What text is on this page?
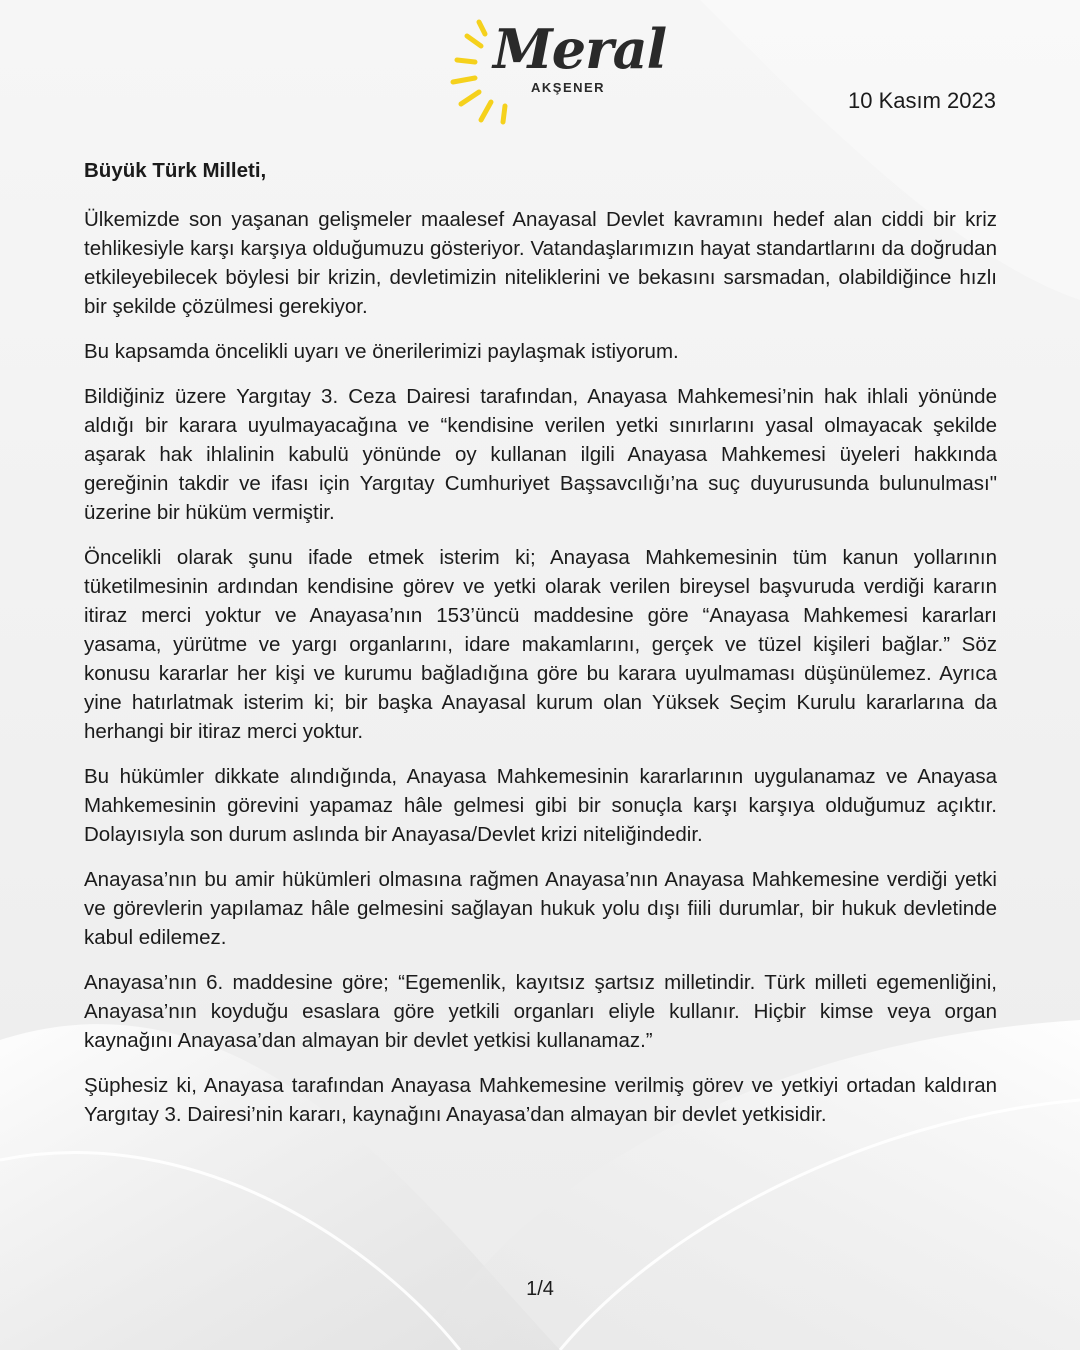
Meral
AKŞENER
10 Kasım 2023

Büyük Türk Milleti,

Ülkemizde son yaşanan gelişmeler maalesef Anayasal Devlet kavramını hedef alan ciddi bir kriz tehlikesiyle karşı karşıya olduğumuzu gösteriyor. Vatandaşlarımızın hayat standartlarını da doğrudan etkileyebilecek böylesi bir krizin, devletimizin niteliklerini ve bekasını sarsmadan, olabildiğince hızlı bir şekilde çözülmesi gerekiyor.

Bu kapsamda öncelikli uyarı ve önerilerimizi paylaşmak istiyorum.

Bildiğiniz üzere Yargıtay 3. Ceza Dairesi tarafından, Anayasa Mahkemesi’nin hak ihlali yönünde aldığı bir karara uyulmayacağına ve “kendisine verilen yetki sınırlarını yasal olmayacak şekilde aşarak hak ihlalinin kabulü yönünde oy kullanan ilgili Anayasa Mahkemesi üyeleri hakkında gereğinin takdir ve ifası için Yargıtay Cumhuriyet Başsavcılığı’na suç duyurusunda bulunulması" üzerine bir hüküm vermiştir.

Öncelikli olarak şunu ifade etmek isterim ki; Anayasa Mahkemesinin tüm kanun yollarının tüketilmesinin ardından kendisine görev ve yetki olarak verilen bireysel başvuruda verdiği kararın itiraz merci yoktur ve Anayasa’nın 153’üncü maddesine göre “Anayasa Mahkemesi kararları yasama, yürütme ve yargı organlarını, idare makamlarını, gerçek ve tüzel kişileri bağlar.” Söz konusu kararlar her kişi ve kurumu bağladığına göre bu karara uyulmaması düşünülemez. Ayrıca yine hatırlatmak isterim ki; bir başka Anayasal kurum olan Yüksek Seçim Kurulu kararlarına da herhangi bir itiraz merci yoktur.

Bu hükümler dikkate alındığında, Anayasa Mahkemesinin kararlarının uygulanamaz ve Anayasa Mahkemesinin görevini yapamaz hâle gelmesi gibi bir sonuçla karşı karşıya olduğumuz açıktır. Dolayısıyla son durum aslında bir Anayasa/Devlet krizi niteliğindedir.

Anayasa’nın bu amir hükümleri olmasına rağmen Anayasa’nın Anayasa Mahkemesine verdiği yetki ve görevlerin yapılamaz hâle gelmesini sağlayan hukuk yolu dışı fiili durumlar, bir hukuk devletinde kabul edilemez.

Anayasa’nın 6. maddesine göre; “Egemenlik, kayıtsız şartsız milletindir. Türk milleti egemenliğini, Anayasa’nın koyduğu esaslara göre yetkili organları eliyle kullanır. Hiçbir kimse veya organ kaynağını Anayasa’dan almayan bir devlet yetkisi kullanamaz.”

Şüphesiz ki, Anayasa tarafından Anayasa Mahkemesine verilmiş görev ve yetkiyi ortadan kaldıran Yargıtay 3. Dairesi’nin kararı, kaynağını Anayasa’dan almayan bir devlet yetkisidir.

1/4
